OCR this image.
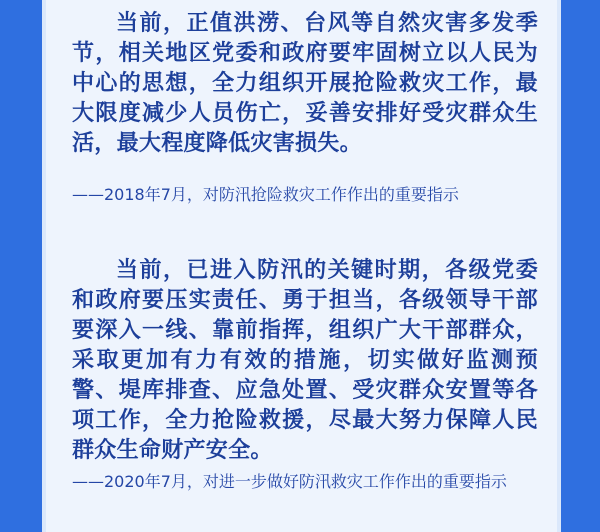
当前，正值洪涝、台风等自然灾害多发季节，相关地区党委和政府要牢固树立以人民为中心的思想，全力组织开展抢险救灾工作，最大限度减少人员伤亡，妥善安排好受灾群众生活，最大程度降低灾害损失。

——2018年7月，对防汛抢险救灾工作作出的重要指示

当前，已进入防汛的关键时期，各级党委和政府要压实责任、勇于担当，各级领导干部要深入一线、靠前指挥，组织广大干部群众，采取更加有力有效的措施，切实做好监测预警、堤库排查、应急处置、受灾群众安置等各项工作，全力抢险救援，尽最大努力保障人民群众生命财产安全。

——2020年7月，对进一步做好防汛救灾工作作出的重要指示
